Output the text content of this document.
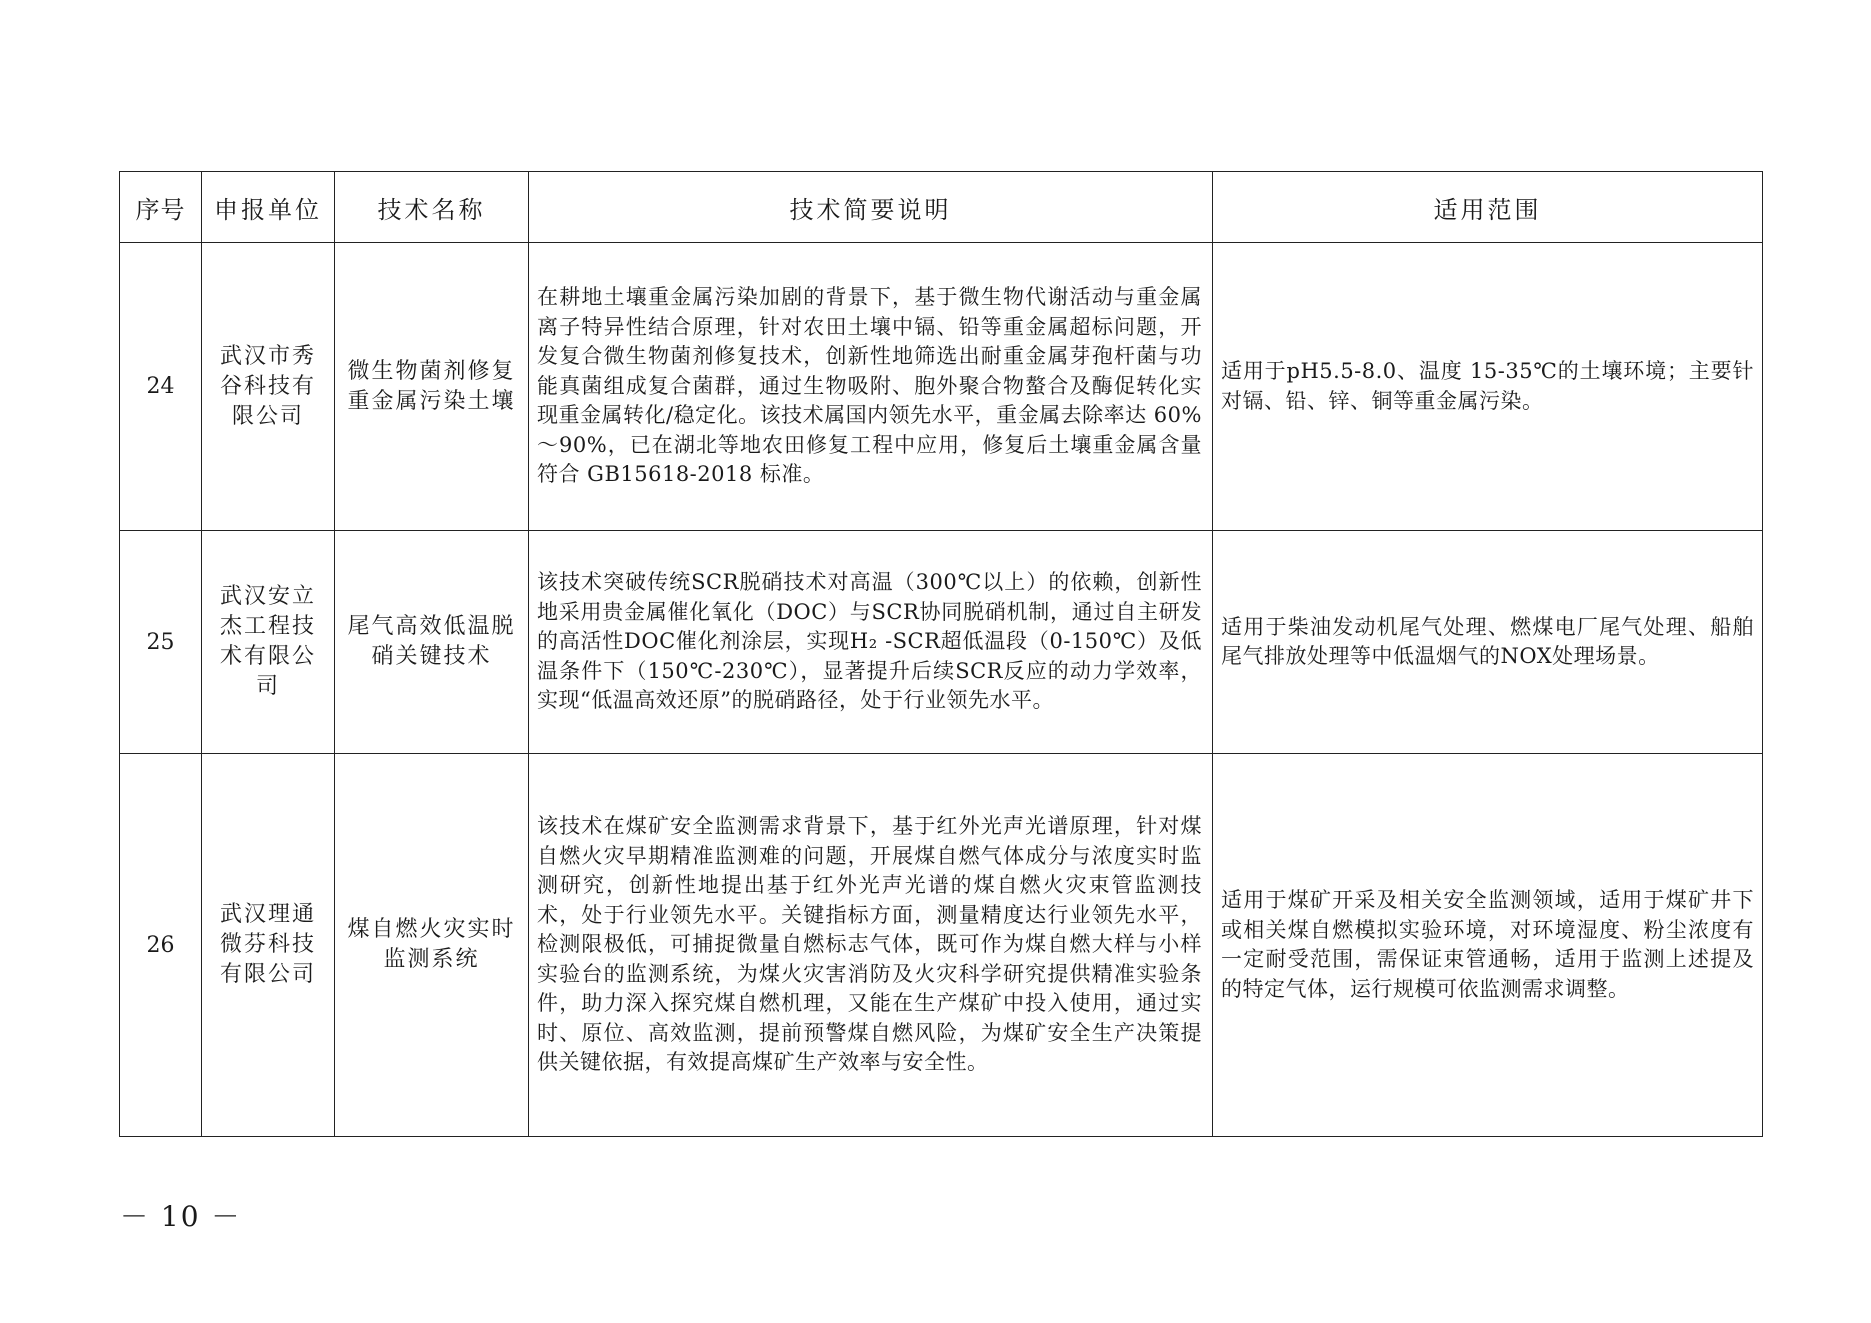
序号	申报单位	技术名称	技术简要说明	适用范围
24	武汉市秀谷科技有限公司	微生物菌剂修复重金属污染土壤	在耕地土壤重金属污染加剧的背景下，基于微生物代谢活动与重金属离子特异性结合原理，针对农田土壤中镉、铅等重金属超标问题，开发复合微生物菌剂修复技术，创新性地筛选出耐重金属芽孢杆菌与功能真菌组成复合菌群，通过生物吸附、胞外聚合物螯合及酶促转化实现重金属转化/稳定化。该技术属国内领先水平，重金属去除率达 60%～90%，已在湖北等地农田修复工程中应用，修复后土壤重金属含量符合 GB15618-2018 标准。	适用于pH5.5-8.0、温度 15-35℃的土壤环境；主要针对镉、铅、锌、铜等重金属污染。
25	武汉安立杰工程技术有限公司	尾气高效低温脱硝关键技术	该技术突破传统SCR脱硝技术对高温（300℃以上）的依赖，创新性地采用贵金属催化氧化（DOC）与SCR协同脱硝机制，通过自主研发的高活性DOC催化剂涂层，实现H₂ -SCR超低温段（0-150℃）及低温条件下（150℃-230℃），显著提升后续SCR反应的动力学效率，实现“低温高效还原”的脱硝路径，处于行业领先水平。	适用于柴油发动机尾气处理、燃煤电厂尾气处理、船舶尾气排放处理等中低温烟气的NOX处理场景。
26	武汉理通微芬科技有限公司	煤自燃火灾实时监测系统	该技术在煤矿安全监测需求背景下，基于红外光声光谱原理，针对煤自燃火灾早期精准监测难的问题，开展煤自燃气体成分与浓度实时监测研究，创新性地提出基于红外光声光谱的煤自燃火灾束管监测技术，处于行业领先水平。关键指标方面，测量精度达行业领先水平，检测限极低，可捕捉微量自燃标志气体，既可作为煤自燃大样与小样实验台的监测系统，为煤火灾害消防及火灾科学研究提供精准实验条件，助力深入探究煤自燃机理，又能在生产煤矿中投入使用，通过实时、原位、高效监测，提前预警煤自燃风险，为煤矿安全生产决策提供关键依据，有效提高煤矿生产效率与安全性。	适用于煤矿开采及相关安全监测领域，适用于煤矿井下或相关煤自燃模拟实验环境，对环境湿度、粉尘浓度有一定耐受范围，需保证束管通畅，适用于监测上述提及的特定气体，运行规模可依监测需求调整。
－ 10 －
